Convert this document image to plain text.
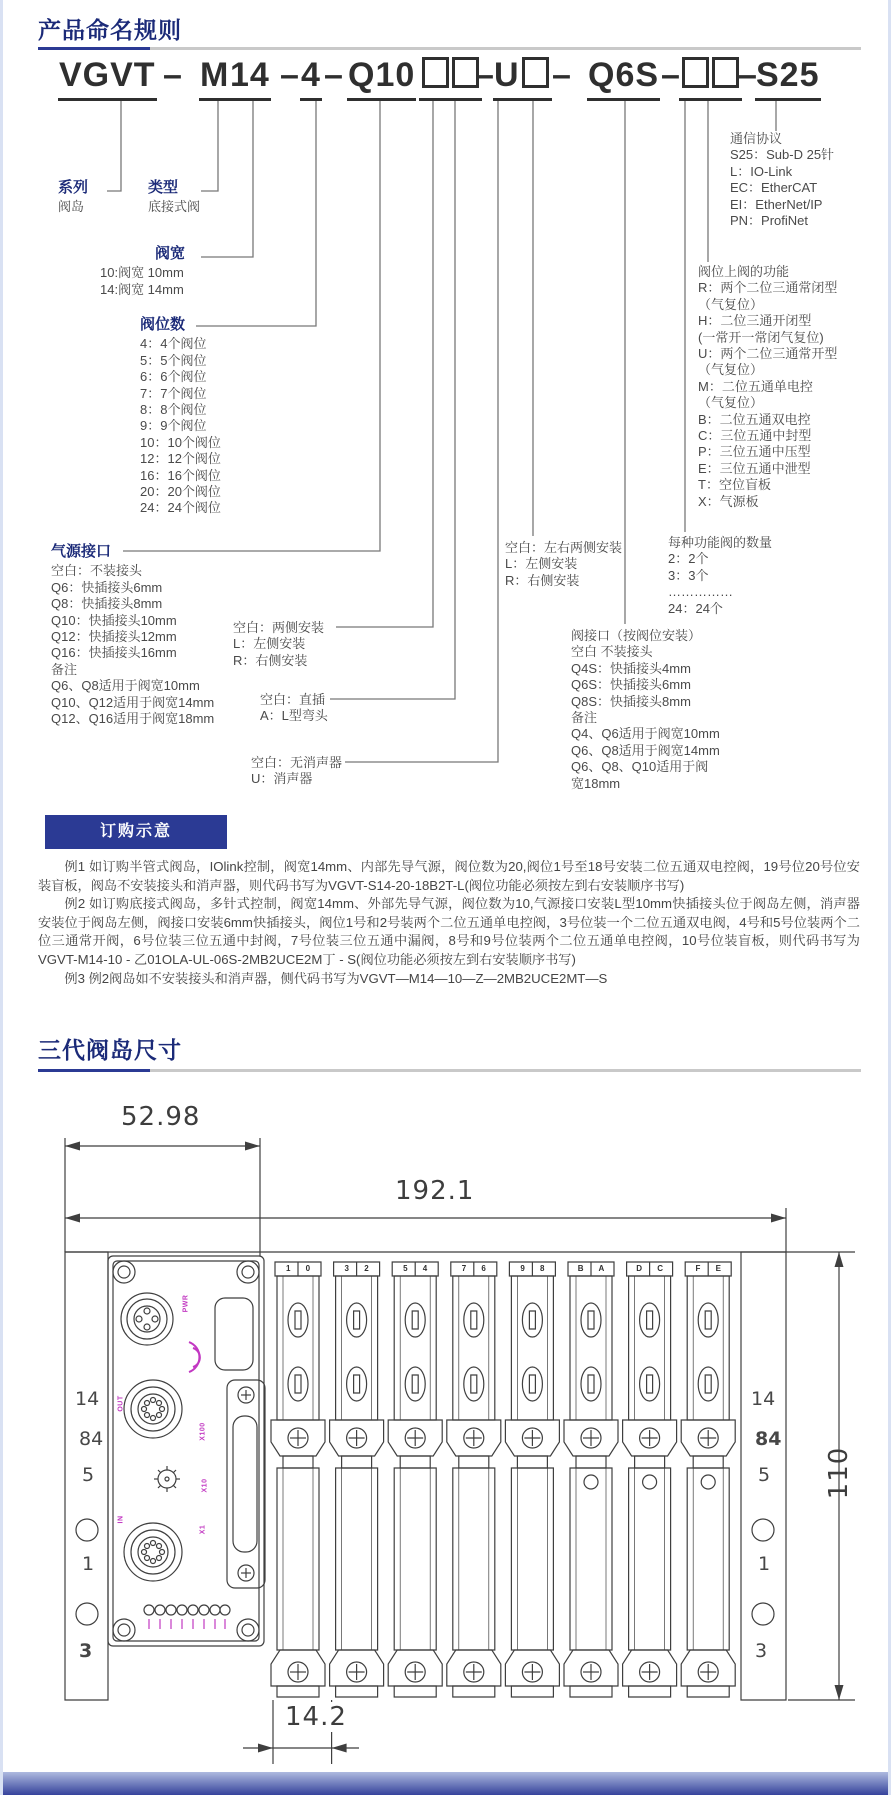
产品命名规则
VGVT – M 14 – 4 – Q10 – U – Q6S – –
S25
系列
阀岛
类型
底接式阀
阀宽
10:阀宽 10mm
14:阀宽 14mm
阀位数
4：4个阀位
5：5个阀位
6：6个阀位
7：7个阀位
8：8个阀位
9：9个阀位
10：10个阀位
12：12个阀位
16：16个阀位
20：20个阀位
24：24个阀位
气源接口
空白：不装接头
Q6：快插接头6mm
Q8：快插接头8mm
Q10：快插接头10mm
Q12：快插接头12mm
Q16：快插接头16mm
备注
Q6、Q8适用于阀宽10mm
Q10、Q12适用于阀宽14mm
Q12、Q16适用于阀宽18mm
空白：两侧安装
L：左侧安装
R：右侧安装
空白：直插
A：L型弯头
空白：无消声器
U：消声器
空白：左右两侧安装
L：左侧安装
R：右侧安装
阀接口（按阀位安装）
空白 不装接头
Q4S：快插接头4mm
Q6S：快插接头6mm
Q8S：快插接头8mm
备注
Q4、Q6适用于阀宽10mm
Q6、Q8适用于阀宽14mm
Q6、Q8、Q10适用于阀
宽18mm
每种功能阀的数量
2：2个
3：3个
……………
24：24个
阀位上阀的功能
R：两个二位三通常闭型
（气复位）
H：二位三通开闭型
(一常开一常闭气复位)
U：两个二位三通常开型
（气复位）
M：二位五通单电控
（气复位）
B：二位五通双电控
C：三位五通中封型
P：三位五通中压型
E：三位五通中泄型
T：空位盲板
X：气源板
通信协议
S25：Sub-D 25针
L：IO-Link
EC：EtherCAT
EI：EtherNet/IP
PN：ProfiNet
订购示意

例1 如订购半管式阀岛，IOlink控制，阀宽14mm、内部先导气源，阀位数为20,阀位1号至18号安装二位五通双电控阀，19号位20号位安装盲板，阀岛不安装接头和消声器，则代码书写为VGVT-S14-20-18B2T-L(阀位功能必须按左到右安装顺序书写)

例2 如订购底接式阀岛，多针式控制，阀宽14mm、外部先导气源，阀位数为10,气源接口安装L型10mm快插接头位于阀岛左侧，消声器安装位于阀岛左侧，阀接口安装6mm快插接头，阀位1号和2号装两个二位五通单电控阀，3号位装一个二位五通双电阀，4号和5号位装两个二位三通常开阀，6号位装三位五通中封阀，7号位装三位五通中漏阀，8号和9号位装两个二位五通单电控阀，10号位装盲板，则代码书写为VGVT-M14-10 - 乙01OLA-UL-06S-2MB2UCE2M丁 - S(阀位功能必须按左到右安装顺序书写)

例3 例2阀岛如不安装接头和消声器，侧代码书写为VGVT—M14—10—Z—2MB2UCE2MT—S

三代阀岛尺寸
52.98
192.1
110
14.2
1 0	3 2	5 4	7 6	9 8	B A	D C	F E
14
84
5
1
3
14
84
5
1
3
PWR
OUT
IN
X100
X10
X1
